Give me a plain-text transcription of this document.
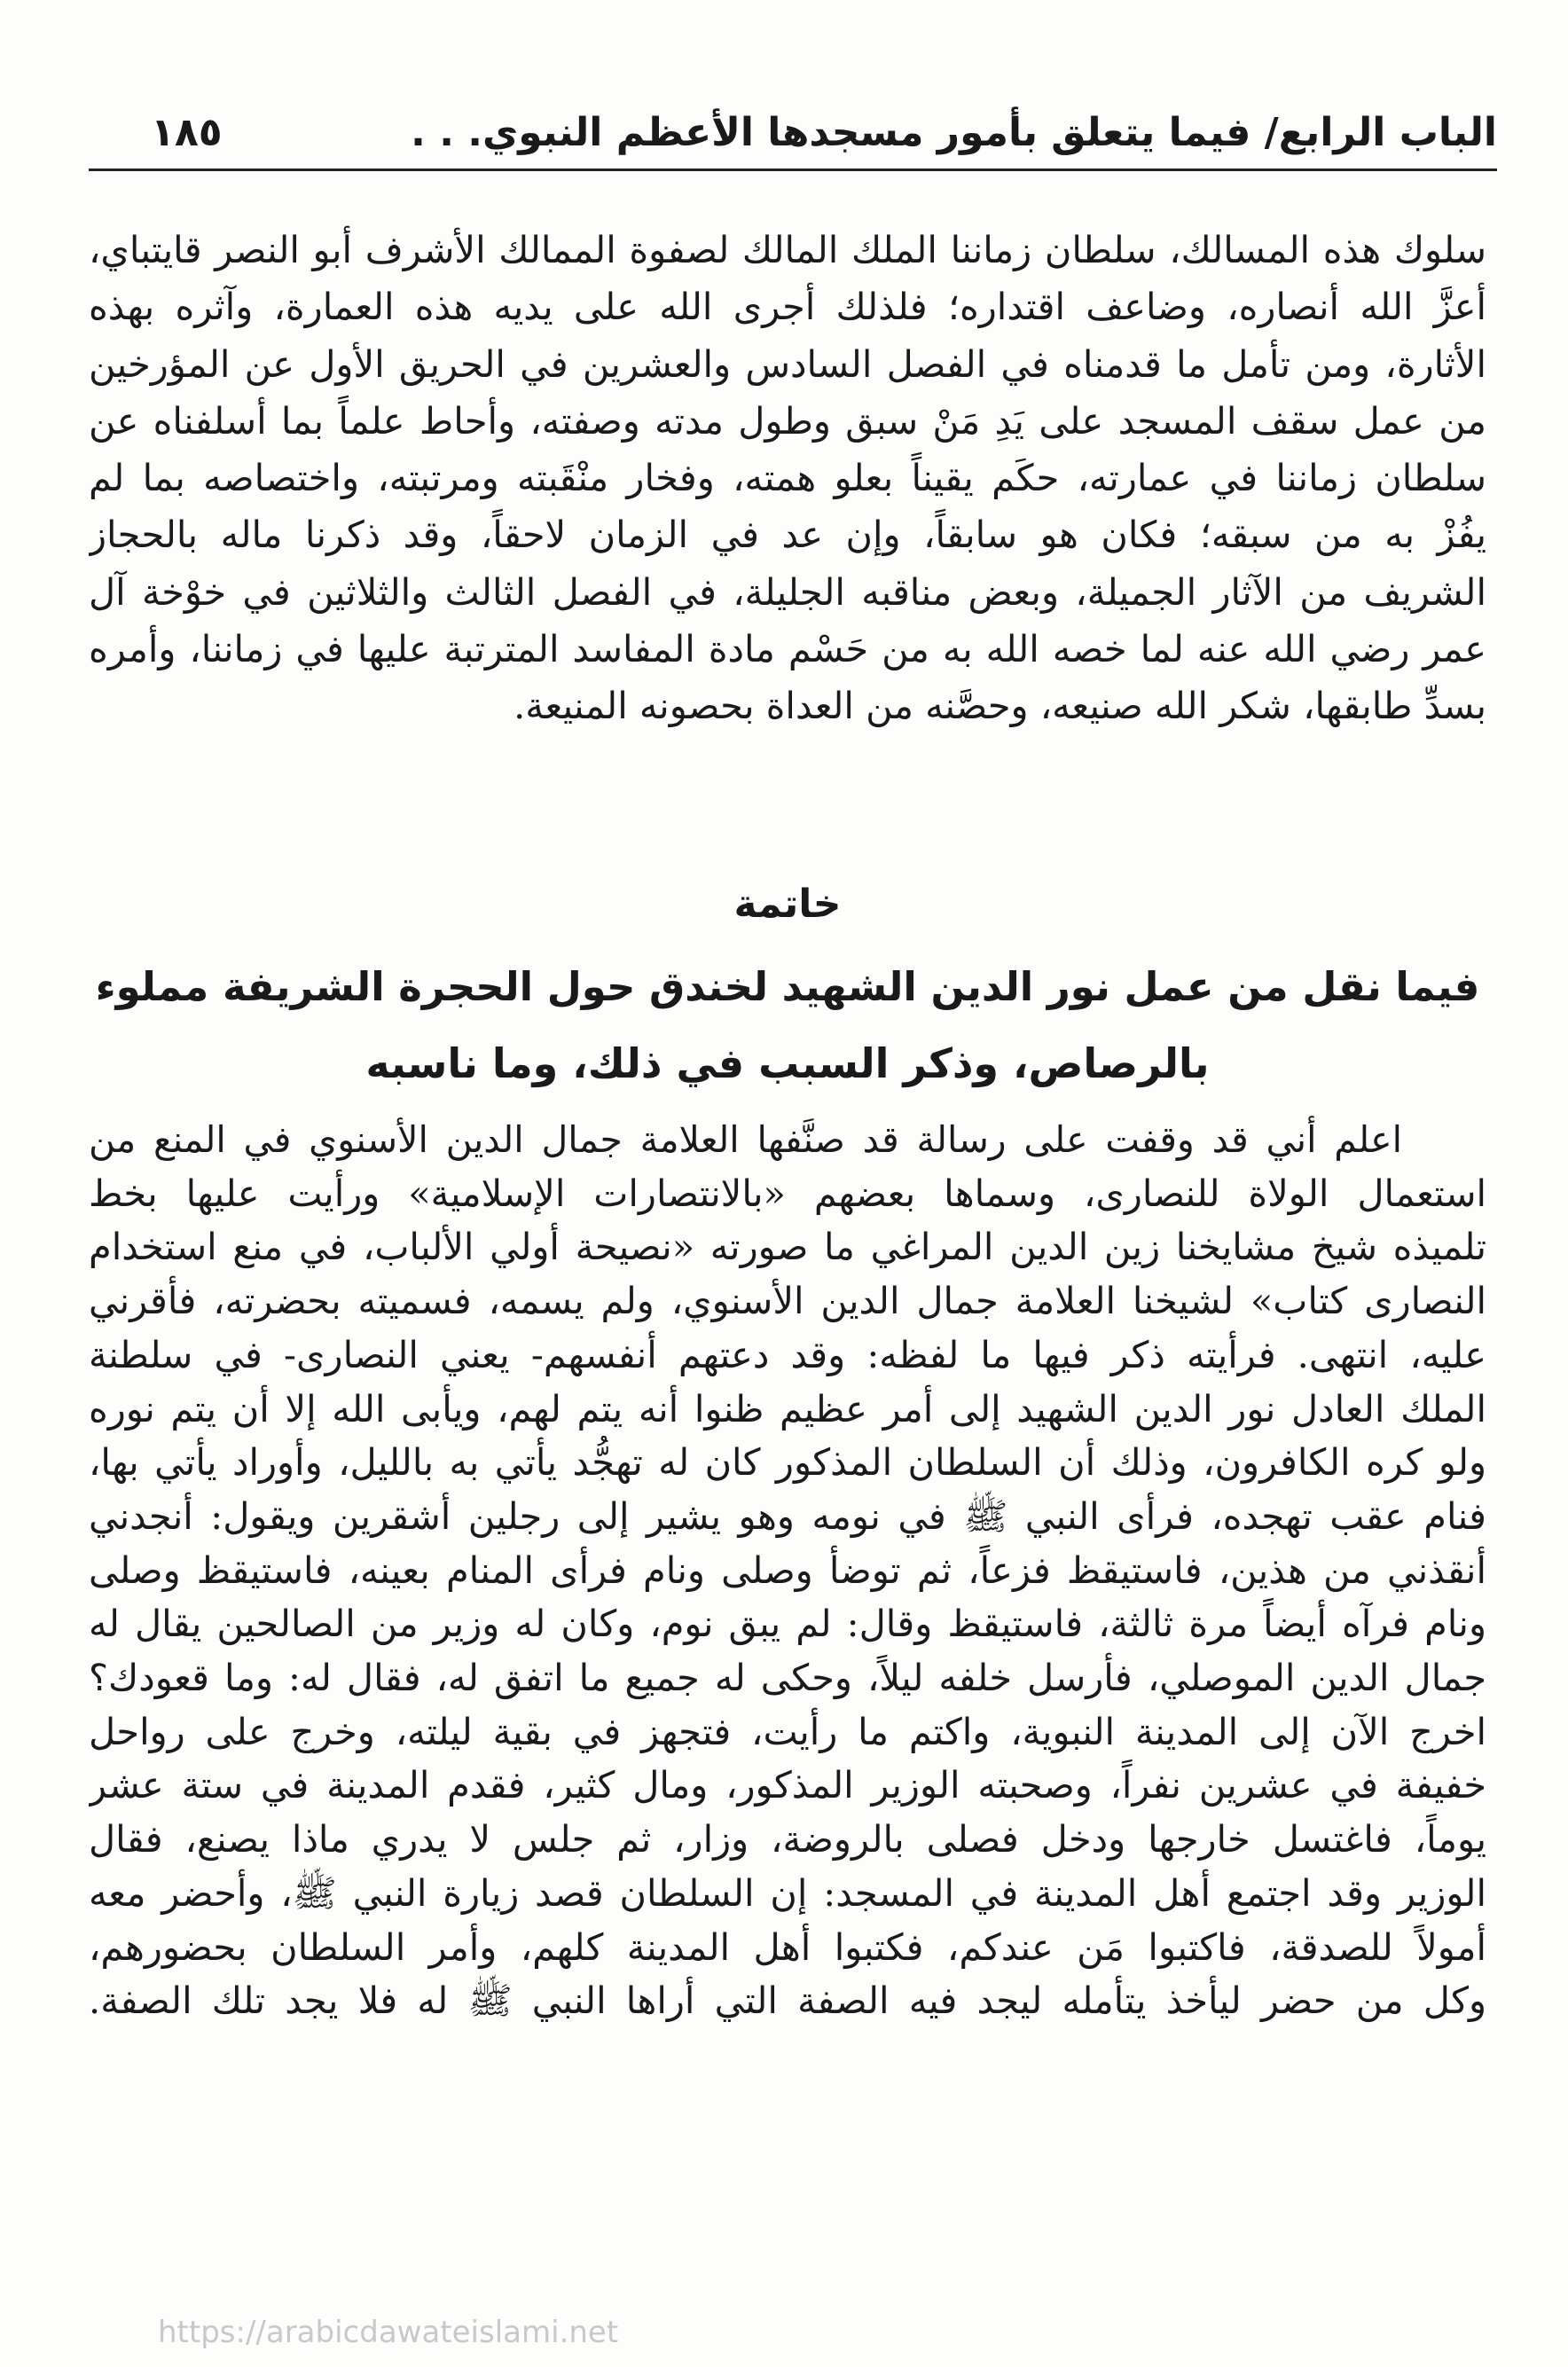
الباب الرابع/ فيما يتعلق بأمور مسجدها الأعظم النبوي. . .
١٨٥
سلوك هذه المسالك، سلطان زماننا الملك المالك لصفوة الممالك الأشرف أبو النصر قايتباي،
أعزَّ الله أنصاره، وضاعف اقتداره؛ فلذلك أجرى الله على يديه هذه العمارة، وآثره بهذه
الأثارة، ومن تأمل ما قدمناه في الفصل السادس والعشرين في الحريق الأول عن المؤرخين
من عمل سقف المسجد على يَدِ مَنْ سبق وطول مدته وصفته، وأحاط علماً بما أسلفناه عن
سلطان زماننا في عمارته، حكَم يقيناً بعلو همته، وفخار منْقَبته ومرتبته، واختصاصه بما لم
يفُزْ به من سبقه؛ فكان هو سابقاً، وإن عد في الزمان لاحقاً، وقد ذكرنا ماله بالحجاز
الشريف من الآثار الجميلة، وبعض مناقبه الجليلة، في الفصل الثالث والثلاثين في خوْخة آل
عمر رضي الله عنه لما خصه الله به من حَسْم مادة المفاسد المترتبة عليها في زماننا، وأمره
بسدِّ طابقها، شكر الله صنيعه، وحصَّنه من العداة بحصونه المنيعة.
خاتمة
فيما نقل من عمل نور الدين الشهيد لخندق حول الحجرة الشريفة مملوء
بالرصاص، وذكر السبب في ذلك، وما ناسبه
اعلم أني قد وقفت على رسالة قد صنَّفها العلامة جمال الدين الأسنوي في المنع من
استعمال الولاة للنصارى، وسماها بعضهم «بالانتصارات الإسلامية» ورأيت عليها بخط
تلميذه شيخ مشايخنا زين الدين المراغي ما صورته «نصيحة أولي الألباب، في منع استخدام
النصارى كتاب» لشيخنا العلامة جمال الدين الأسنوي، ولم يسمه، فسميته بحضرته، فأقرني
عليه، انتهى. فرأيته ذكر فيها ما لفظه: وقد دعتهم أنفسهم- يعني النصارى- في سلطنة
الملك العادل نور الدين الشهيد إلى أمر عظيم ظنوا أنه يتم لهم، ويأبى الله إلا أن يتم نوره
ولو كره الكافرون، وذلك أن السلطان المذكور كان له تهجُّد يأتي به بالليل، وأوراد يأتي بها،
فنام عقب تهجده، فرأى النبي ﷺ في نومه وهو يشير إلى رجلين أشقرين ويقول: أنجدني
أنقذني من هذين، فاستيقظ فزعاً، ثم توضأ وصلى ونام فرأى المنام بعينه، فاستيقظ وصلى
ونام فرآه أيضاً مرة ثالثة، فاستيقظ وقال: لم يبق نوم، وكان له وزير من الصالحين يقال له
جمال الدين الموصلي، فأرسل خلفه ليلاً، وحكى له جميع ما اتفق له، فقال له: وما قعودك؟
اخرج الآن إلى المدينة النبوية، واكتم ما رأيت، فتجهز في بقية ليلته، وخرج على رواحل
خفيفة في عشرين نفراً، وصحبته الوزير المذكور، ومال كثير، فقدم المدينة في ستة عشر
يوماً، فاغتسل خارجها ودخل فصلى بالروضة، وزار، ثم جلس لا يدري ماذا يصنع، فقال
الوزير وقد اجتمع أهل المدينة في المسجد: إن السلطان قصد زيارة النبي ﷺ، وأحضر معه
أمولاً للصدقة، فاكتبوا مَن عندكم، فكتبوا أهل المدينة كلهم، وأمر السلطان بحضورهم،
وكل من حضر ليأخذ يتأمله ليجد فيه الصفة التي أراها النبي ﷺ له فلا يجد تلك الصفة.
https://arabicdawateislami.net
